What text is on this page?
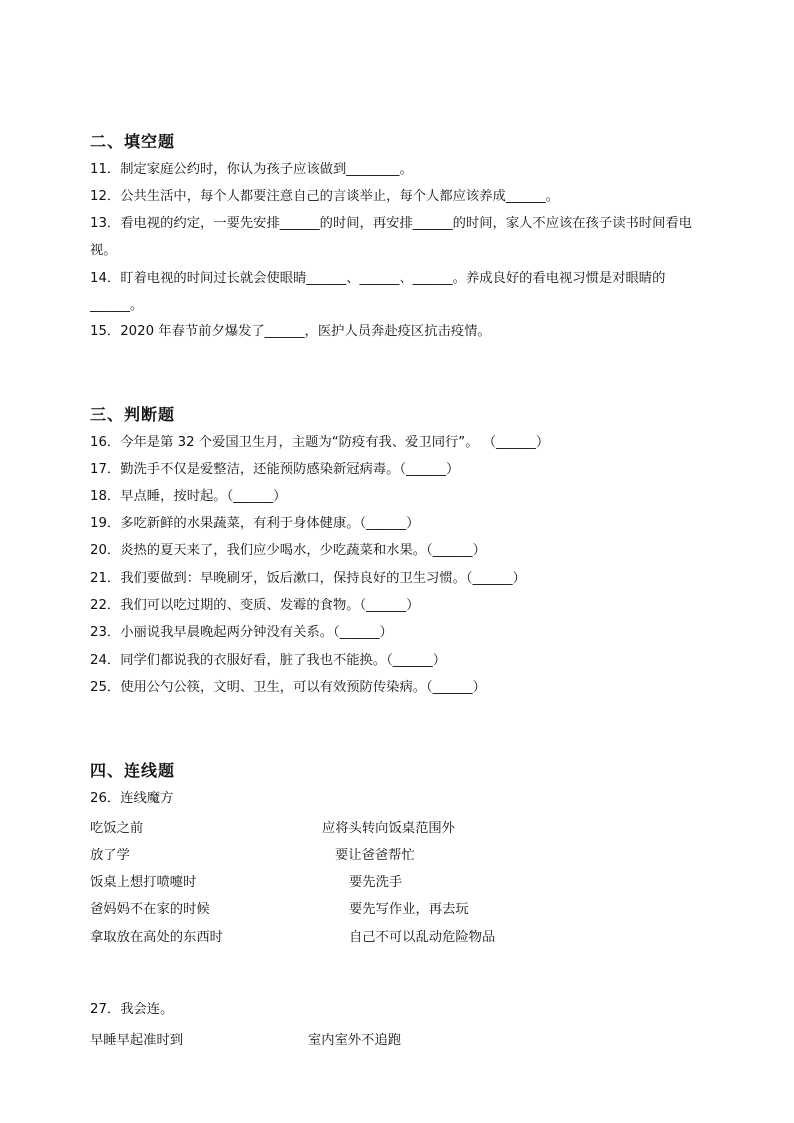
二、填空题
11．制定家庭公约时，你认为孩子应该做到________。
12．公共生活中，每个人都要注意自己的言谈举止，每个人都应该养成______。
13．看电视的约定，一要先安排______的时间，再安排______的时间，家人不应该在孩子读书时间看电视。
14．盯着电视的时间过长就会使眼睛______、______、______。养成良好的看电视习惯是对眼睛的______。
15．2020 年春节前夕爆发了______，医护人员奔赴疫区抗击疫情。
三、判断题
16．今年是第 32 个爱国卫生月，主题为“防疫有我、爱卫同行”。 （______）
17．勤洗手不仅是爱整洁，还能预防感染新冠病毒。（______）
18．早点睡，按时起。（______）
19．多吃新鲜的水果蔬菜，有利于身体健康。（______）
20．炎热的夏天来了，我们应少喝水，少吃蔬菜和水果。（______）
21．我们要做到：早晚刷牙，饭后漱口，保持良好的卫生习惯。（______）
22．我们可以吃过期的、变质、发霉的食物。（______）
23．小丽说我早晨晚起两分钟没有关系。（______）
24．同学们都说我的衣服好看，脏了我也不能换。（______）
25．使用公勺公筷，文明、卫生，可以有效预防传染病。（______）
四、连线题
26．连线魔方
吃饭之前	应将头转向饭桌范围外
放了学	要让爸爸帮忙
饭桌上想打喷嚏时	要先洗手
爸妈妈不在家的时候	要先写作业，再去玩
拿取放在高处的东西时	自己不可以乱动危险物品
27．我会连。
早睡早起准时到	室内室外不追跑
